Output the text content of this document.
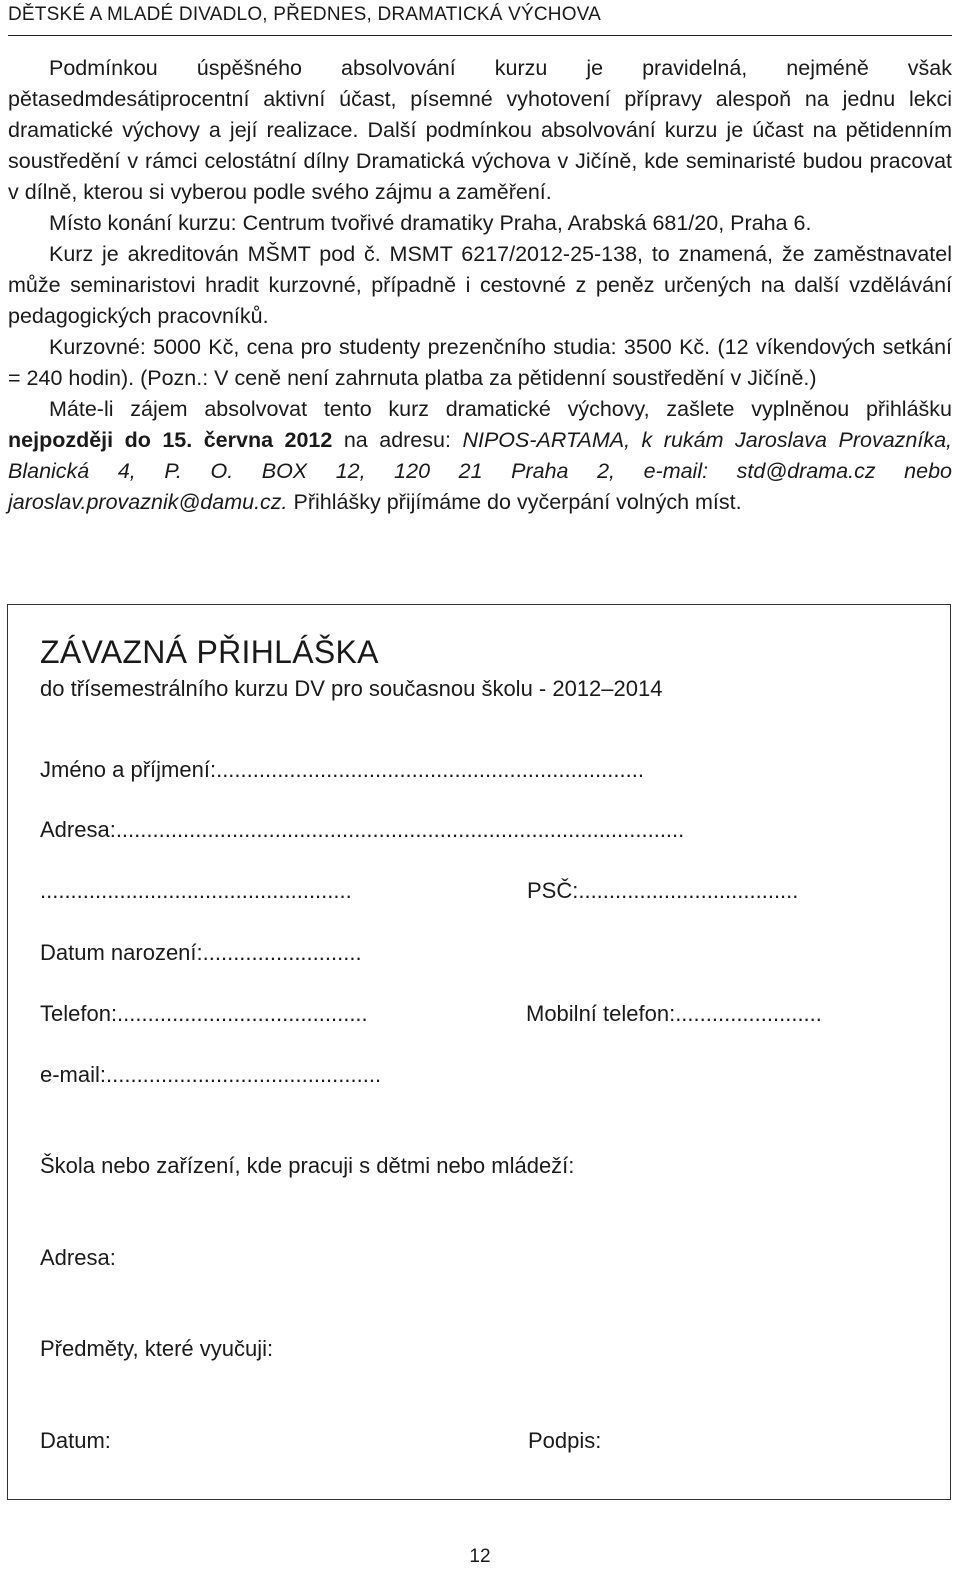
DĚTSKÉ A MLADÉ DIVADLO, PŘEDNES, DRAMATICKÁ VÝCHOVA

Podmínkou úspěšného absolvování kurzu je pravidelná, nejméně však pětasedmdesátiprocentní aktivní účast, písemné vyhotovení přípravy alespoň na jednu lekci dramatické výchovy a její realizace. Další podmínkou absolvování kurzu je účast na pětidenním soustředění v rámci celostátní dílny Dramatická výchova v Jičíně, kde seminaristé budou pracovat v dílně, kterou si vyberou podle svého zájmu a zaměření.

Místo konání kurzu: Centrum tvořivé dramatiky Praha, Arabská 681/20, Praha 6.

Kurz je akreditován MŠMT pod č. MSMT 6217/2012-25-138, to znamená, že zaměstnavatel může seminaristovi hradit kurzovné, případně i cestovné z peněz určených na další vzdělávání pedagogických pracovníků.

Kurzovné: 5000 Kč, cena pro studenty prezenčního studia: 3500 Kč. (12 víkendových setkání = 240 hodin). (Pozn.: V ceně není zahrnuta platba za pětidenní soustředění v Jičíně.)

Máte-li zájem absolvovat tento kurz dramatické výchovy, zašlete vyplněnou přihlášku nejpozději do 15. června 2012 na adresu: NIPOS-ARTAMA, k rukám Jaroslava Provazníka, Blanická 4, P. O. BOX 12, 120 21 Praha 2, e-mail: std@drama.cz nebo jaroslav.provaznik@damu.cz. Přihlášky přijímáme do vyčerpání volných míst.

ZÁVAZNÁ PŘIHLÁŠKA
do třísemestrálního kurzu DV pro současnou školu - 2012–2014
Jméno a příjmení:......................................................................
Adresa:.............................................................................................
...................................................	PSČ:....................................
Datum narození:..........................
Telefon:.........................................	Mobilní telefon:........................
e-mail:.............................................
Škola nebo zařízení, kde pracuji s dětmi nebo mládeží:
Adresa:
Předměty, které vyučuji:
Datum:	Podpis:
12
